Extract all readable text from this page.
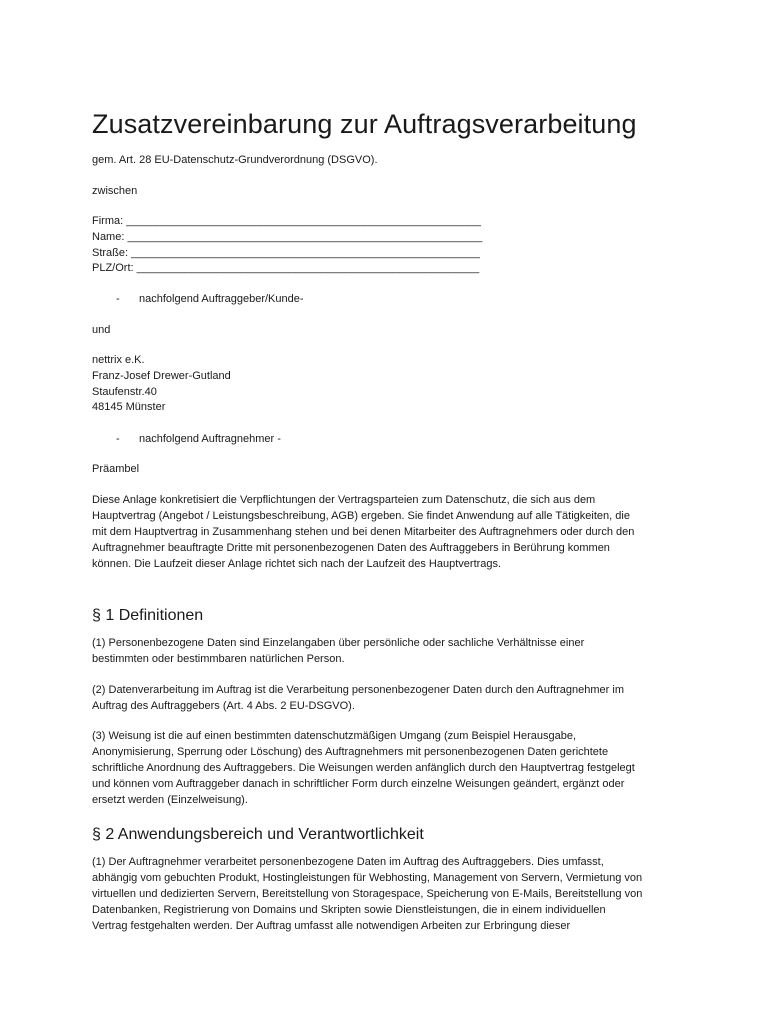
Zusatzvereinbarung zur Auftragsverarbeitung

gem. Art. 28 EU-Datenschutz-Grundverordnung (DSGVO).

zwischen

Firma: __________________________________________________________

Name: __________________________________________________________

Straße: _________________________________________________________

PLZ/Ort: ________________________________________________________

- nachfolgend Auftraggeber/Kunde-

und

nettrix e.K.

Franz-Josef Drewer-Gutland

Staufenstr.40

48145 Münster

- nachfolgend Auftragnehmer -

Präambel

Diese Anlage konkretisiert die Verpflichtungen der Vertragsparteien zum Datenschutz, die sich aus dem

Hauptvertrag (Angebot / Leistungsbeschreibung, AGB) ergeben. Sie findet Anwendung auf alle Tätigkeiten, die

mit dem Hauptvertrag in Zusammenhang stehen und bei denen Mitarbeiter des Auftragnehmers oder durch den

Auftragnehmer beauftragte Dritte mit personenbezogenen Daten des Auftraggebers in Berührung kommen

können. Die Laufzeit dieser Anlage richtet sich nach der Laufzeit des Hauptvertrags.

§ 1 Definitionen

(1) Personenbezogene Daten sind Einzelangaben über persönliche oder sachliche Verhältnisse einer

bestimmten oder bestimmbaren natürlichen Person.

(2) Datenverarbeitung im Auftrag ist die Verarbeitung personenbezogener Daten durch den Auftragnehmer im

Auftrag des Auftraggebers (Art. 4 Abs. 2 EU-DSGVO).

(3) Weisung ist die auf einen bestimmten datenschutzmäßigen Umgang (zum Beispiel Herausgabe,

Anonymisierung, Sperrung oder Löschung) des Auftragnehmers mit personenbezogenen Daten gerichtete

schriftliche Anordnung des Auftraggebers. Die Weisungen werden anfänglich durch den Hauptvertrag festgelegt

und können vom Auftraggeber danach in schriftlicher Form durch einzelne Weisungen geändert, ergänzt oder

ersetzt werden (Einzelweisung).

§ 2 Anwendungsbereich und Verantwortlichkeit

(1) Der Auftragnehmer verarbeitet personenbezogene Daten im Auftrag des Auftraggebers. Dies umfasst,

abhängig vom gebuchten Produkt, Hostingleistungen für Webhosting, Management von Servern, Vermietung von

virtuellen und dedizierten Servern, Bereitstellung von Storagespace, Speicherung von E-Mails, Bereitstellung von

Datenbanken, Registrierung von Domains und Skripten sowie Dienstleistungen, die in einem individuellen

Vertrag festgehalten werden. Der Auftrag umfasst alle notwendigen Arbeiten zur Erbringung dieser
